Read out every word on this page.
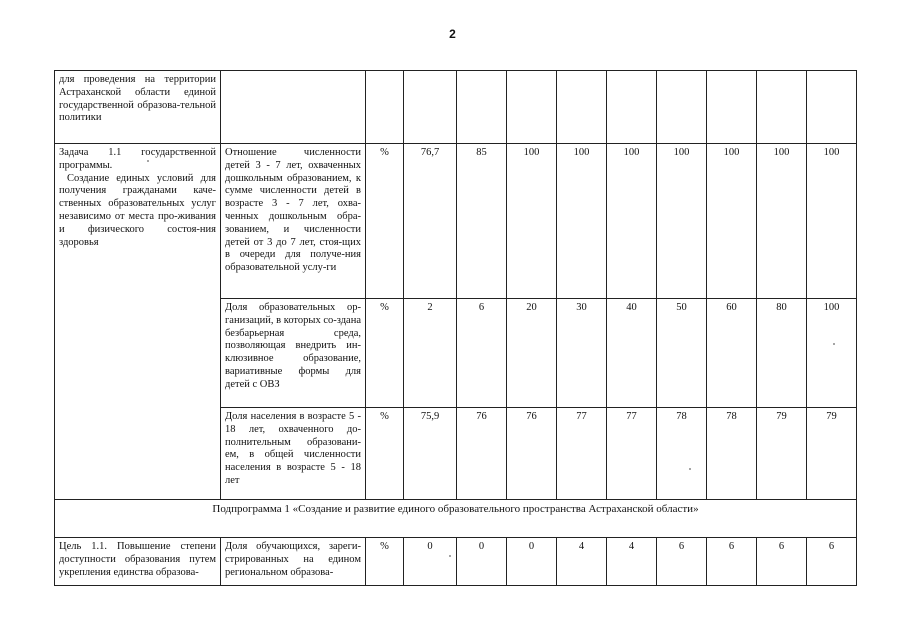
2
для проведения на территории Астраханской области единой государственной образова-тельной политики											

Задача 1.1 государственной программы.
Создание единых условий для получения гражданами каче-ственных образовательных услуг независимо от места про-живания и физического состоя-ния здоровья	Отношение численности детей 3 - 7 лет, охваченных дошкольным образованием, к сумме численности детей в возрасте 3 - 7 лет, охва-ченных дошкольным обра-зованием, и численности детей от 3 до 7 лет, стоя-щих в очереди для получе-ния образовательной услу-ги	%	76,7	85	100	100	100	100	100	100	100
	Доля образовательных ор-ганизаций, в которых со-здана безбарьерная среда, позволяющая внедрить ин-клюзивное образование, вариативные формы для детей с ОВЗ	%	2	6	20	30	40	50	60	80	100
	Доля населения в возрасте 5 - 18 лет, охваченного до-полнительным образовани-ем, в общей численности населения в возрасте 5 - 18 лет	%	75,9	76	76	77	77	78	78	79	79
Подпрограмма 1 «Создание и развитие единого образовательного пространства Астраханской области»											
Цель 1.1. Повышение степени доступности образования путем укрепления единства образова-	Доля обучающихся, зареги-стрированных на едином региональном образова-	%	0	0	0	4	4	6	6	6	6
